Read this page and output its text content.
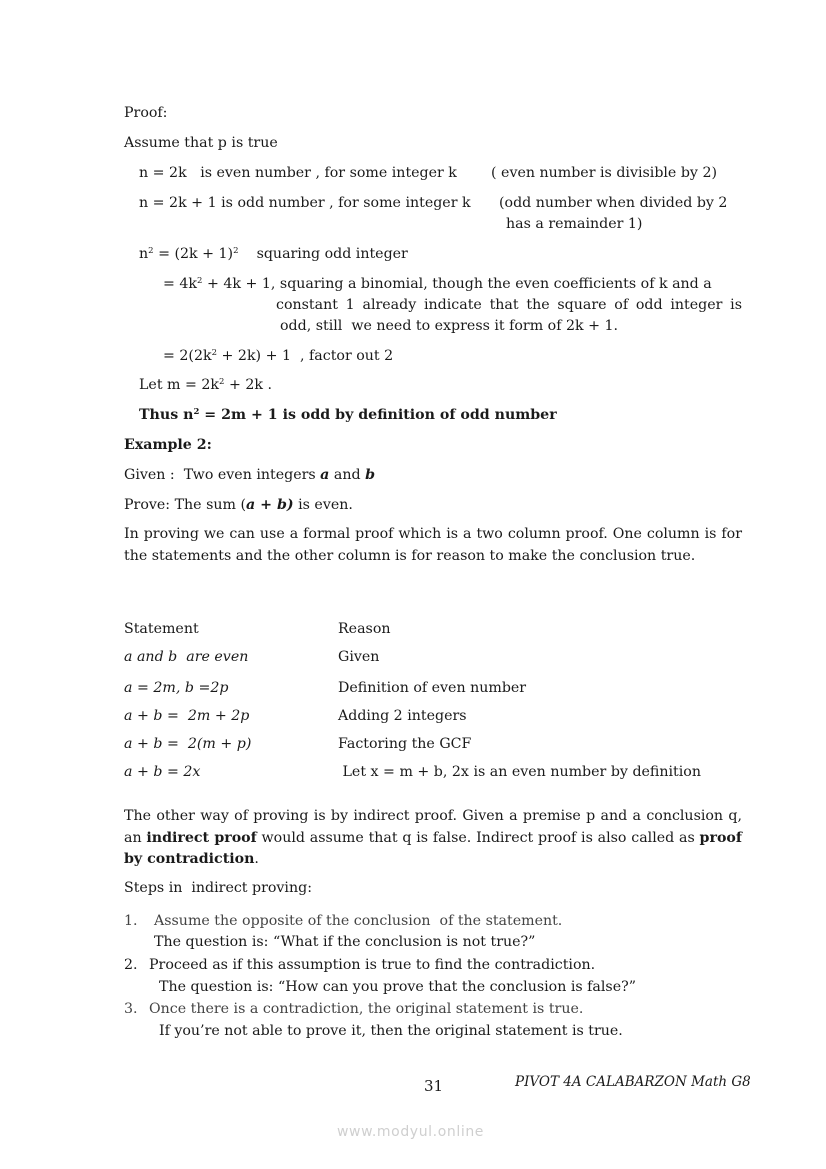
Proof:
Assume that p is true
n = 2k   is even number , for some integer k ( even number is divisible by 2)
n = 2k + 1 is odd number , for some integer k (odd number when divided by 2
has a remainder 1)
$n^2 = (2k + 1)^2$    squaring odd integer
= $4k^2 + 4k + 1$, squaring a binomial, though the even coefficients of k and a
constant 1 already indicate that the square of odd integer is
odd, still  we need to express it form of 2k + 1.
= $2(2k^2 + 2k) + 1$  , factor out 2
Let $m = 2k^2 + 2k$ .
Thus $n^2 = 2m + 1$ is odd by definition of odd number
Example 2:
Given :  Two even integers a and b
Prove: The sum (a + b) is even.
In proving we can use a formal proof which is a two column proof. One column is for the statements and the other column is for reason to make the conclusion true.
Statement	Reason
a and b  are even	Given
a = 2m, b =2p	Definition of even number
a + b =  2m + 2p	Adding 2 integers
a + b =  2(m + p)	Factoring the GCF
a + b = 2x	Let x = m + b, 2x is an even number by definition
The other way of proving is by indirect proof. Given a premise p and a conclusion q, an indirect proof would assume that q is false. Indirect proof is also called as proof by contradiction.
Steps in  indirect proving:
1. Assume the opposite of the conclusion  of the statement.
The question is: “What if the conclusion is not true?”
2. Proceed as if this assumption is true to find the contradiction.
The question is: “How can you prove that the conclusion is false?”
3. Once there is a contradiction, the original statement is true.
If you’re not able to prove it, then the original statement is true.
31	PIVOT 4A CALABARZON Math G8
www.modyul.online
